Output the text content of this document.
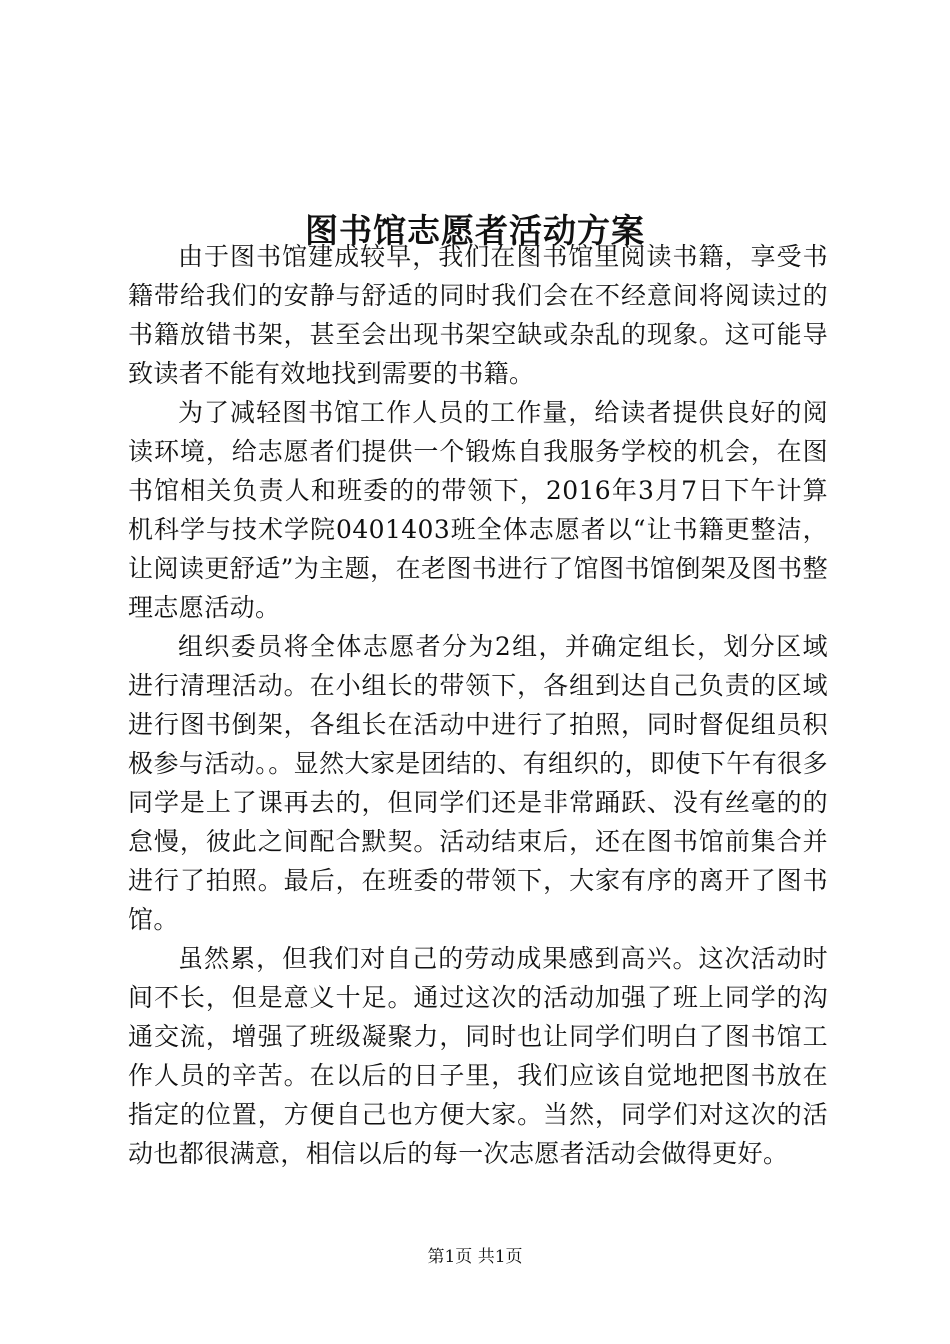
图书馆志愿者活动方案

由于图书馆建成较早，我们在图书馆里阅读书籍，享受书籍带给我们的安静与舒适的同时我们会在不经意间将阅读过的书籍放错书架，甚至会出现书架空缺或杂乱的现象。这可能导致读者不能有效地找到需要的书籍。

为了减轻图书馆工作人员的工作量，给读者提供良好的阅读环境，给志愿者们提供一个锻炼自我服务学校的机会，在图书馆相关负责人和班委的的带领下，2016年3月7日下午计算机科学与技术学院0401403班全体志愿者以“让书籍更整洁，让阅读更舒适”为主题，在老图书进行了馆图书馆倒架及图书整理志愿活动。

组织委员将全体志愿者分为2组，并确定组长，划分区域进行清理活动。在小组长的带领下，各组到达自己负责的区域进行图书倒架，各组长在活动中进行了拍照，同时督促组员积极参与活动。。显然大家是团结的、有组织的，即使下午有很多同学是上了课再去的，但同学们还是非常踊跃、没有丝毫的的怠慢，彼此之间配合默契。活动结束后，还在图书馆前集合并进行了拍照。最后，在班委的带领下，大家有序的离开了图书馆。

虽然累，但我们对自己的劳动成果感到高兴。这次活动时间不长，但是意义十足。通过这次的活动加强了班上同学的沟通交流，增强了班级凝聚力，同时也让同学们明白了图书馆工作人员的辛苦。在以后的日子里，我们应该自觉地把图书放在指定的位置，方便自己也方便大家。当然，同学们对这次的活动也都很满意，相信以后的每一次志愿者活动会做得更好。

第1页 共1页
